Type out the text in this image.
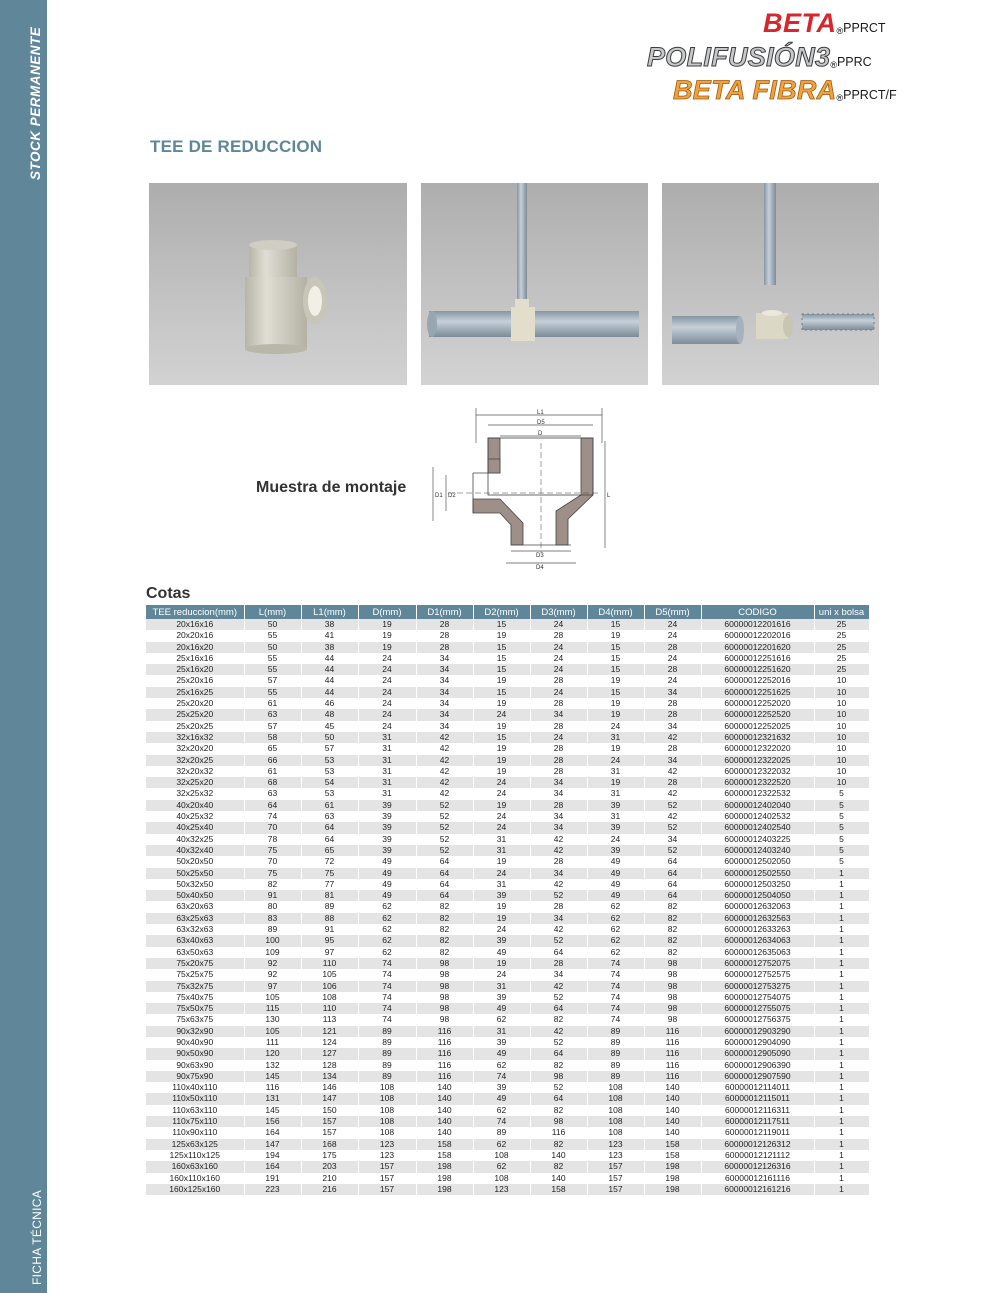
STOCK PERMANENTE
FICHA TÉCNICA
BETA®PPRCT
POLIFUSIÓN3®PPRC
BETA FIBRA®PPRCT/F
TEE DE REDUCCION
L1
D5
D
D1 D2	L
D3
D4
Muestra de montaje
Cotas
TEE reduccion(mm)	L(mm)	L1(mm)	D(mm)	D1(mm)	D2(mm)	D3(mm)	D4(mm)	D5(mm)	CODIGO	uni x bolsa
20x16x16	50	38	19	28	15	24	15	24	60000012201616	25
20x20x16	55	41	19	28	19	28	19	24	60000012202016	25
20x16x20	50	38	19	28	15	24	15	28	60000012201620	25
25x16x16	55	44	24	34	15	24	15	24	60000012251616	25
25x16x20	55	44	24	34	15	24	15	28	60000012251620	25
25x20x16	57	44	24	34	19	28	19	24	60000012252016	10
25x16x25	55	44	24	34	15	24	15	34	60000012251625	10
25x20x20	61	46	24	34	19	28	19	28	60000012252020	10
25x25x20	63	48	24	34	24	34	19	28	60000012252520	10
25x20x25	57	45	24	34	19	28	24	34	60000012252025	10
32x16x32	58	50	31	42	15	24	31	42	60000012321632	10
32x20x20	65	57	31	42	19	28	19	28	60000012322020	10
32x20x25	66	53	31	42	19	28	24	34	60000012322025	10
32x20x32	61	53	31	42	19	28	31	42	60000012322032	10
32x25x20	68	54	31	42	24	34	19	28	60000012322520	10
32x25x32	63	53	31	42	24	34	31	42	60000012322532	5
40x20x40	64	61	39	52	19	28	39	52	60000012402040	5
40x25x32	74	63	39	52	24	34	31	42	60000012402532	5
40x25x40	70	64	39	52	24	34	39	52	60000012402540	5
40x32x25	78	64	39	52	31	42	24	34	60000012403225	5
40x32x40	75	65	39	52	31	42	39	52	60000012403240	5
50x20x50	70	72	49	64	19	28	49	64	60000012502050	5
50x25x50	75	75	49	64	24	34	49	64	60000012502550	1
50x32x50	82	77	49	64	31	42	49	64	60000012503250	1
50x40x50	91	81	49	64	39	52	49	64	60000012504050	1
63x20x63	80	89	62	82	19	28	62	82	60000012632063	1
63x25x63	83	88	62	82	19	34	62	82	60000012632563	1
63x32x63	89	91	62	82	24	42	62	82	60000012633263	1
63x40x63	100	95	62	82	39	52	62	82	60000012634063	1
63x50x63	109	97	62	82	49	64	62	82	60000012635063	1
75x20x75	92	110	74	98	19	28	74	98	60000012752075	1
75x25x75	92	105	74	98	24	34	74	98	60000012752575	1
75x32x75	97	106	74	98	31	42	74	98	60000012753275	1
75x40x75	105	108	74	98	39	52	74	98	60000012754075	1
75x50x75	115	110	74	98	49	64	74	98	60000012755075	1
75x63x75	130	113	74	98	62	82	74	98	60000012756375	1
90x32x90	105	121	89	116	31	42	89	116	60000012903290	1
90x40x90	111	124	89	116	39	52	89	116	60000012904090	1
90x50x90	120	127	89	116	49	64	89	116	60000012905090	1
90x63x90	132	128	89	116	62	82	89	116	60000012906390	1
90x75x90	145	134	89	116	74	98	89	116	60000012907590	1
110x40x110	116	146	108	140	39	52	108	140	60000012114011	1
110x50x110	131	147	108	140	49	64	108	140	60000012115011	1
110x63x110	145	150	108	140	62	82	108	140	60000012116311	1
110x75x110	156	157	108	140	74	98	108	140	60000012117511	1
110x90x110	164	157	108	140	89	116	108	140	60000012119011	1
125x63x125	147	168	123	158	62	82	123	158	60000012126312	1
125x110x125	194	175	123	158	108	140	123	158	60000012121112	1
160x63x160	164	203	157	198	62	82	157	198	60000012126316	1
160x110x160	191	210	157	198	108	140	157	198	60000012161116	1
160x125x160	223	216	157	198	123	158	157	198	60000012161216	1
